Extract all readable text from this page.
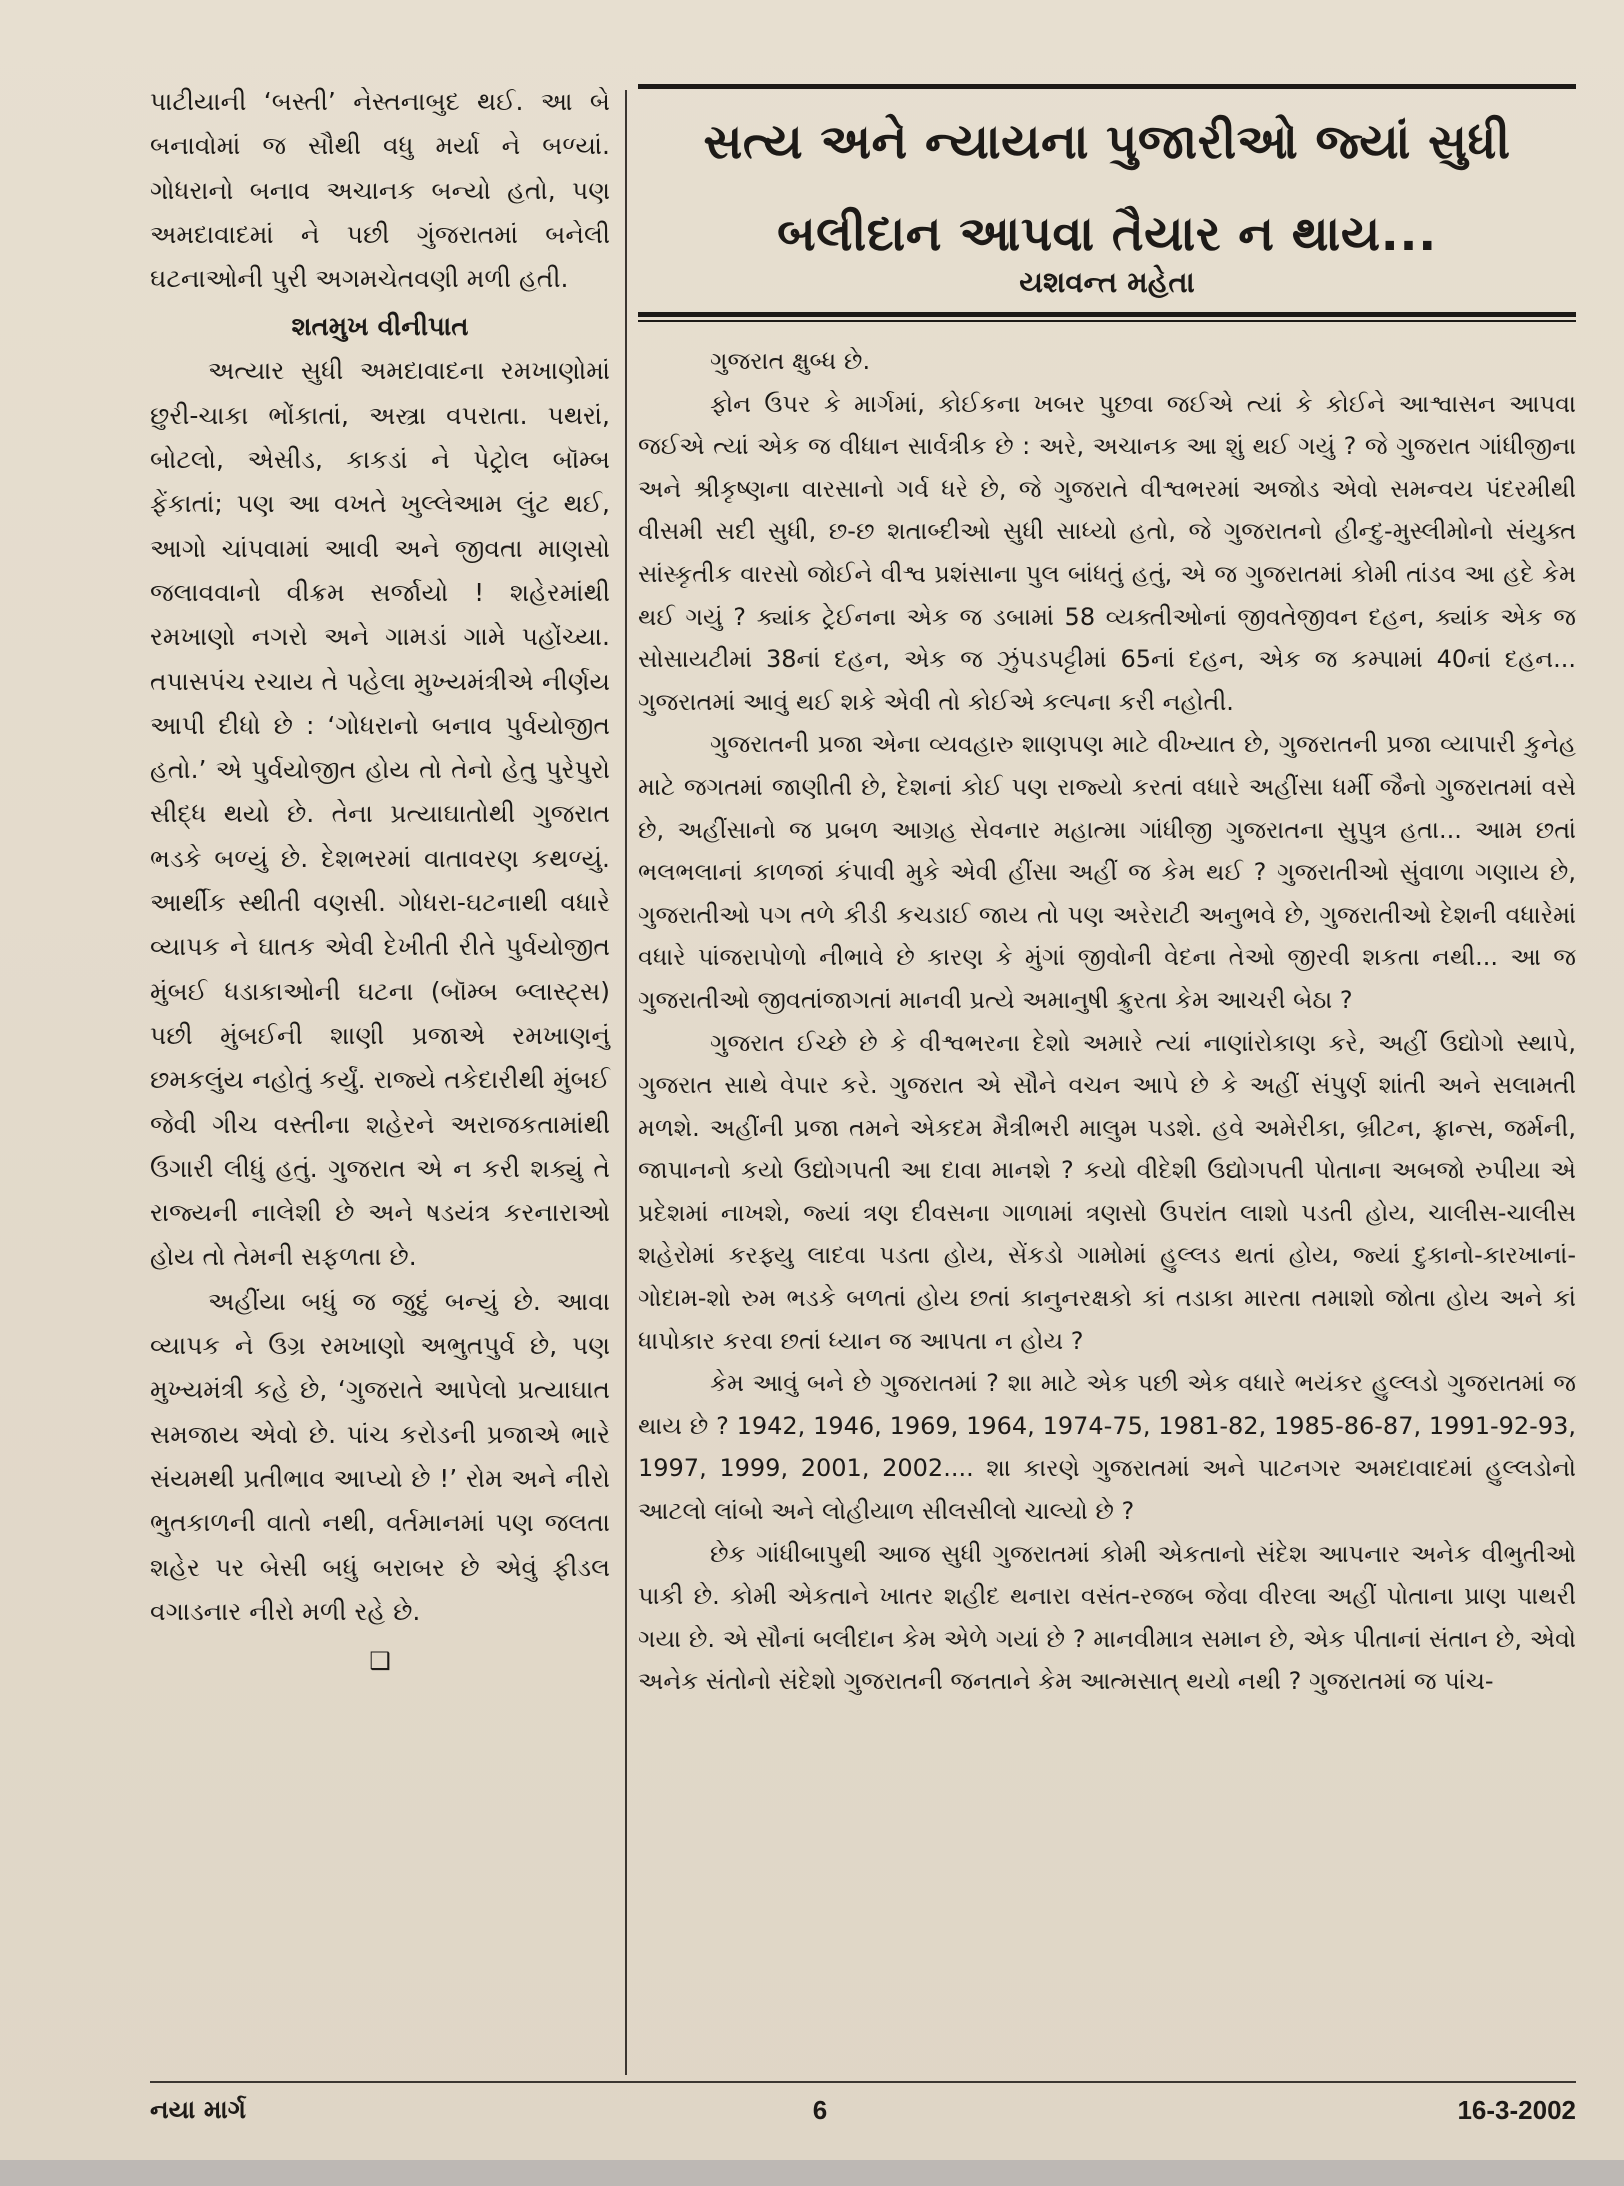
પાટીયાની ‘બસ્તી’ નેસ્તનાબુદ થઈ. આ બે બનાવોમાં જ સૌથી વધુ મર્યા ને બળ્યાં. ગોધરાનો બનાવ અચાનક બન્યો હતો, પણ અમદાવાદમાં ને પછી ગુંજરાતમાં બનેલી ઘટનાઓની પુરી અગમચેતવણી મળી હતી.

શતમુખ વીનીપાત

અત્યાર સુધી અમદાવાદના રમખાણોમાં છુરી-ચાકા ભોંકાતાં, અસ્ત્રા વપરાતા. પથરાં, બોટલો, એસીડ, કાકડાં ને પેટ્રોલ બૉમ્બ ફેંકાતાં; પણ આ વખતે ખુલ્લેઆમ લુંટ થઈ, આગો ચાંપવામાં આવી અને જીવતા માણસો જલાવવાનો વીક્રમ સર્જાયો ! શહેરમાંથી રમખાણો નગરો અને ગામડાં ગામે પહોંચ્યા. તપાસપંચ રચાય તે પહેલા મુખ્યમંત્રીએ નીર્ણય આપી દીધો છે : ‘ગોધરાનો બનાવ પુર્વયોજીત હતો.’ એ પુર્વયોજીત હોય તો તેનો હેતુ પુરેપુરો સીદ્ધ થયો છે. તેના પ્રત્યાઘાતોથી ગુજરાત ભડકે બળ્યું છે. દેશભરમાં વાતાવરણ કથળ્યું. આર્થીક સ્થીતી વણસી. ગોધરા-ઘટનાથી વધારે વ્યાપક ને ઘાતક એવી દેખીતી રીતે પુર્વયોજીત મુંબઈ ધડાકાઓની ઘટના (બૉમ્બ બ્લાસ્ટ્સ) પછી મુંબઈની શાણી પ્રજાએ રમખાણનું છમકલુંય નહોતું કર્યું. રાજ્યે તકેદારીથી મુંબઈ જેવી ગીચ વસ્તીના શહેરને અરાજકતામાંથી ઉગારી લીધું હતું. ગુજરાત એ ન કરી શક્યું તે રાજ્યની નાલેશી છે અને ષડયંત્ર કરનારાઓ હોય તો તેમની સફળતા છે.

અહીંયા બધું જ જુદું બન્યું છે. આવા વ્યાપક ને ઉગ્ર રમખાણો અભુતપુર્વ છે, પણ મુખ્યમંત્રી કહે છે, ‘ગુજરાતે આપેલો પ્રત્યાઘાત સમજાય એવો છે. પાંચ કરોડની પ્રજાએ ભારે સંયમથી પ્રતીભાવ આપ્યો છે !’ રોમ અને નીરો ભુતકાળની વાતો નથી, વર્તમાનમાં પણ જલતા શહેર પર બેસી બધું બરાબર છે એવું ફીડલ વગાડનાર નીરો મળી રહે છે.

❑
સત્ય અને ન્યાયના પુજારીઓ જ્યાં સુધી
બલીદાન આપવા તૈયાર ન થાય...
યશવન્ત મહેતા

ગુજરાત ક્ષુબ્ધ છે.

ફોન ઉપર કે માર્ગમાં, કોઈકના ખબર પુછવા જઈએ ત્યાં કે કોઈને આશ્વાસન આપવા જઈએ ત્યાં એક જ વીધાન સાર્વત્રીક છે : અરે, અચાનક આ શું થઈ ગયું ? જે ગુજરાત ગાંધીજીના અને શ્રીકૃષ્ણના વારસાનો ગર્વ ધરે છે, જે ગુજરાતે વીશ્વભરમાં અજોડ એવો સમન્વય પંદરમીથી વીસમી સદી સુધી, છ-છ શતાબ્દીઓ સુધી સાધ્યો હતો, જે ગુજરાતનો હીન્દુ-મુસ્લીમોનો સંયુક્ત સાંસ્કૃતીક વારસો જોઈને વીશ્વ પ્રશંસાના પુલ બાંધતું હતું, એ જ ગુજરાતમાં કોમી તાંડવ આ હદે કેમ થઈ ગયું ? ક્યાંક ટ્રેઈનના એક જ ડબામાં 58 વ્યક્તીઓનાં જીવતેજીવન દહન, ક્યાંક એક જ સોસાયટીમાં 38નાં દહન, એક જ ઝુંપડપટ્ટીમાં 65નાં દહન, એક જ કમ્પામાં 40નાં દહન... ગુજરાતમાં આવું થઈ શકે એવી તો કોઈએ કલ્પના કરી નહોતી.

ગુજરાતની પ્રજા એના વ્યવહારુ શાણપણ માટે વીખ્યાત છે, ગુજરાતની પ્રજા વ્યાપારી કુનેહ માટે જગતમાં જાણીતી છે, દેશનાં કોઈ પણ રાજ્યો કરતાં વધારે અહીંસા ધર્મી જૈનો ગુજરાતમાં વસે છે, અહીંસાનો જ પ્રબળ આગ્રહ સેવનાર મહાત્મા ગાંધીજી ગુજરાતના સુપુત્ર હતા... આમ છતાં ભલભલાનાં કાળજાં કંપાવી મુકે એવી હીંસા અહીં જ કેમ થઈ ? ગુજરાતીઓ સુંવાળા ગણાય છે, ગુજરાતીઓ પગ તળે કીડી કચડાઈ જાય તો પણ અરેરાટી અનુભવે છે, ગુજરાતીઓ દેશની વધારેમાં વધારે પાંજરાપોળો નીભાવે છે કારણ કે મુંગાં જીવોની વેદના તેઓ જીરવી શકતા નથી... આ જ ગુજરાતીઓ જીવતાંજાગતાં માનવી પ્રત્યે અમાનુષી ક્રુરતા કેમ આચરી બેઠા ?

ગુજરાત ઈચ્છે છે કે વીશ્વભરના દેશો અમારે ત્યાં નાણાંરોકાણ કરે, અહીં ઉદ્યોગો સ્થાપે, ગુજરાત સાથે વેપાર કરે. ગુજરાત એ સૌને વચન આપે છે કે અહીં સંપુર્ણ શાંતી અને સલામતી મળશે. અહીંની પ્રજા તમને એકદમ મૈત્રીભરી માલુમ પડશે. હવે અમેરીકા, બ્રીટન, ફ્રાન્સ, જર્મની, જાપાનનો કયો ઉદ્યોગપતી આ દાવા માનશે ? કયો વીદેશી ઉદ્યોગપતી પોતાના અબજો રુપીયા એ પ્રદેશમાં નાખશે, જ્યાં ત્રણ દીવસના ગાળામાં ત્રણસો ઉપરાંત લાશો પડતી હોય, ચાલીસ-ચાલીસ શહેરોમાં કરફ્યુ લાદવા પડતા હોય, સેંકડો ગામોમાં હુલ્લડ થતાં હોય, જ્યાં દુકાનો-કારખાનાં-ગોદામ-શો રુમ ભડકે બળતાં હોય છતાં કાનુનરક્ષકો કાં તડાકા મારતા તમાશો જોતા હોય અને કાં ધાપોકાર કરવા છતાં ધ્યાન જ આપતા ન હોય ?

કેમ આવું બને છે ગુજરાતમાં ? શા માટે એક પછી એક વધારે ભયંકર હુલ્લડો ગુજરાતમાં જ થાય છે ? 1942, 1946, 1969, 1964, 1974-75, 1981-82, 1985-86-87, 1991-92-93, 1997, 1999, 2001, 2002.... શા કારણે ગુજરાતમાં અને પાટનગર અમદાવાદમાં હુલ્લડોનો આટલો લાંબો અને લોહીયાળ સીલસીલો ચાલ્યો છે ?

છેક ગાંધીબાપુથી આજ સુધી ગુજરાતમાં કોમી એકતાનો સંદેશ આપનાર અનેક વીભુતીઓ પાકી છે. કોમી એકતાને ખાતર શહીદ થનારા વસંત-રજબ જેવા વીરલા અહીં પોતાના પ્રાણ પાથરી ગયા છે. એ સૌનાં બલીદાન કેમ એળે ગયાં છે ? માનવીમાત્ર સમાન છે, એક પીતાનાં સંતાન છે, એવો અનેક સંતોનો સંદેશો ગુજરાતની જનતાને કેમ આત્મસાત્ થયો નથી ? ગુજરાતમાં જ પાંચ-

નયા માર્ગ	6	16-3-2002
